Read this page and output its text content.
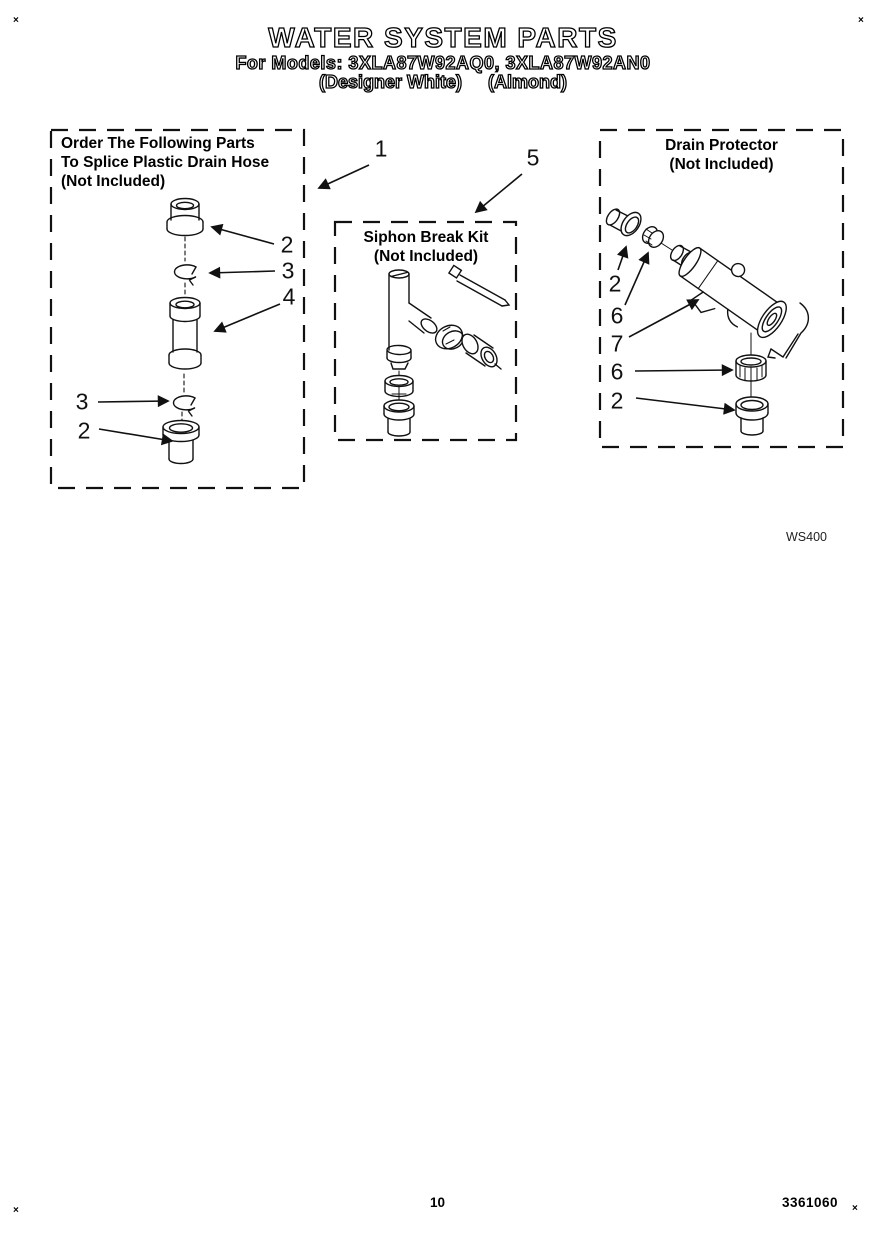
×	×
×	×
WATER SYSTEM PARTS
For Models: 3XLA87W92AQ0, 3XLA87W92AN0
(Designer White) (Almond)
Order The Following Parts
To Splice Plastic Drain Hose
(Not Included)
Siphon Break Kit
(Not Included)
Drain Protector
(Not Included)
1	5
2
3
4
3
2
2
6
7
6
2
WS400
10	3361060
